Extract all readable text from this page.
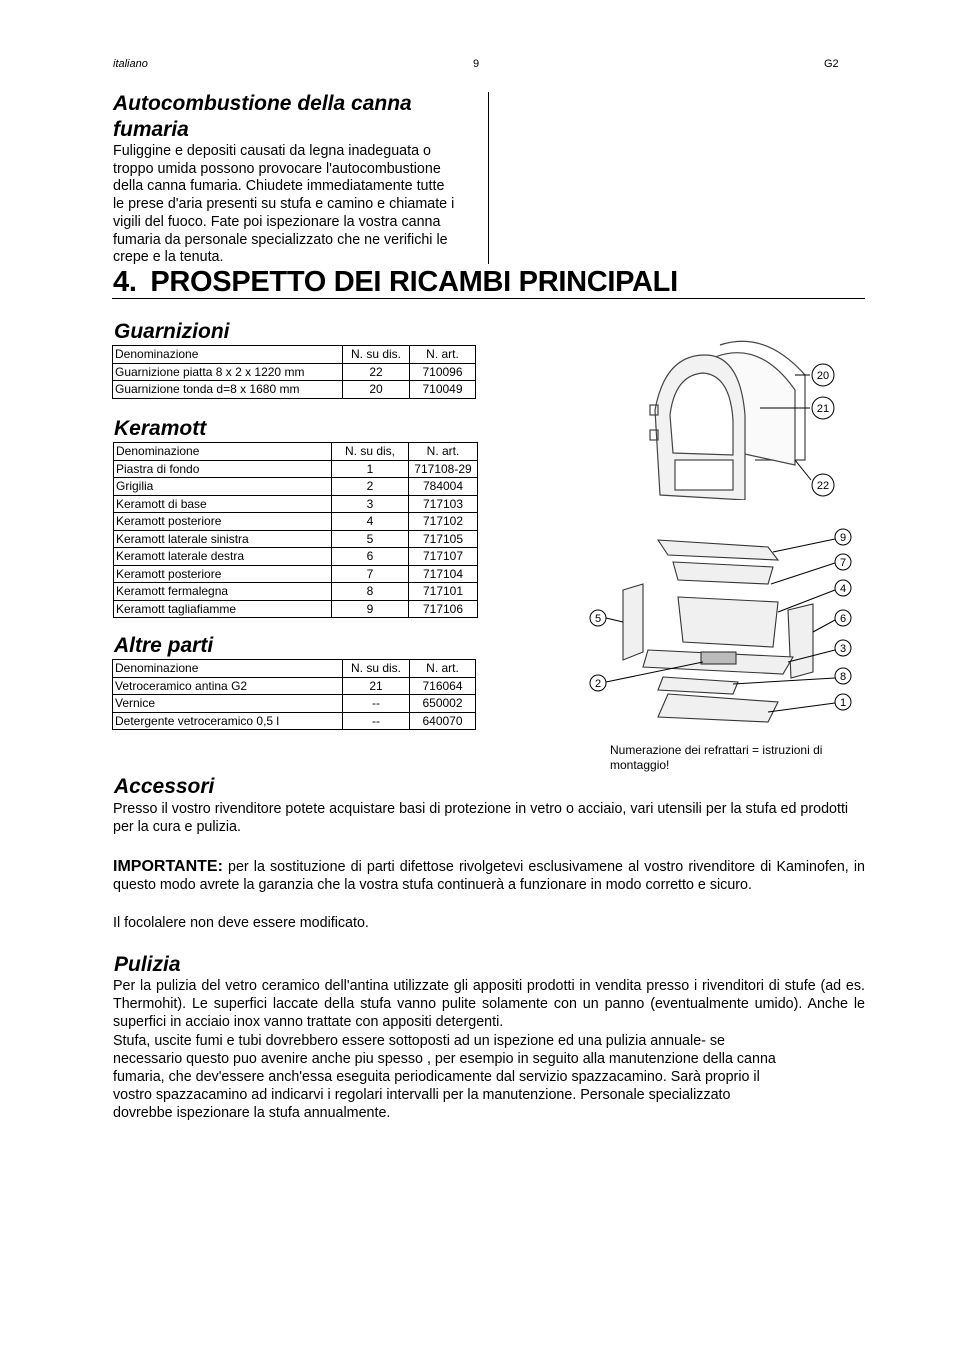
italiano	9	G2
Autocombustione della canna fumaria
Fuliggine e depositi causati da legna inadeguata o
troppo umida possono provocare l'autocombustione
della canna fumaria. Chiudete immediatamente tutte
le prese d'aria presenti su stufa e camino e chiamate i
vigili del fuoco. Fate poi ispezionare la vostra canna
fumaria da personale specializzato che ne verifichi le
crepe e la tenuta.
4. PROSPETTO DEI RICAMBI PRINCIPALI
Guarnizioni
Denominazione	N. su dis.	N. art.
Guarnizione piatta 8 x 2 x 1220 mm	22	710096
Guarnizione tonda d=8 x 1680 mm	20	710049
Keramott
Denominazione	N. su dis,	N. art.
Piastra di fondo	1	717108-29
Grigilia	2	784004
Keramott di base	3	717103
Keramott posteriore	4	717102
Keramott laterale sinistra	5	717105
Keramott laterale destra	6	717107
Keramott posteriore	7	717104
Keramott fermalegna	8	717101
Keramott tagliafiamme	9	717106
Altre parti
Denominazione	N. su dis.	N. art.
Vetroceramico antina G2	21	716064
Vernice	--	650002
Detergente vetroceramico 0,5 l	--	640070
20
21
22
9
7
4
6
3
8
1
5
2
Numerazione dei refrattari = istruzioni di
montaggio!
Accessori
Presso il vostro rivenditore potete acquistare basi di protezione in vetro o acciaio, vari utensili per la stufa ed prodotti per la cura e pulizia.
IMPORTANTE: per la sostituzione di parti difettose rivolgetevi esclusivamene al vostro rivenditore di Kaminofen, in questo modo avrete la garanzia che la vostra stufa continuerà a funzionare in modo corretto e sicuro.
Il focolalere non deve essere modificato.
Pulizia
Per la pulizia del vetro ceramico dell'antina utilizzate gli appositi prodotti in vendita presso i rivenditori di stufe (ad es. Thermohit). Le superfici laccate della stufa vanno pulite solamente con un panno (eventualmente umido). Anche le superfici in acciaio inox vanno trattate con appositi detergenti.
Stufa, uscite fumi e tubi dovrebbero essere sottoposti ad un ispezione ed una pulizia annuale- se
necessario questo puo avenire anche piu spesso , per esempio in seguito alla manutenzione della canna
fumaria, che dev'essere anch'essa eseguita periodicamente dal servizio spazzacamino. Sarà proprio il
vostro spazzacamino ad indicarvi i regolari intervalli per la manutenzione. Personale specializzato
dovrebbe ispezionare la stufa annualmente.
